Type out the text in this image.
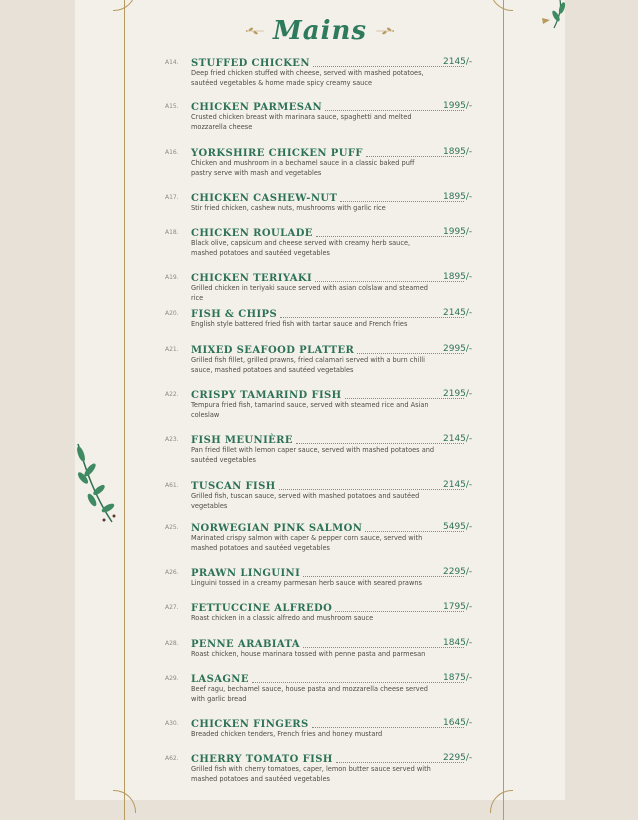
Mains
A14.	STUFFED CHICKEN	2145/-
Deep fried chicken stuffed with cheese, served with mashed potatoes, sautéed vegetables & home made spicy creamy sauce
A15.	CHICKEN PARMESAN	1995/-
Crusted chicken breast with marinara sauce, spaghetti and melted mozzarella cheese
A16.	YORKSHIRE CHICKEN PUFF	1895/-
Chicken and mushroom in a bechamel sauce in a classic baked puff pastry serve with mash and vegetables
A17.	CHICKEN CASHEW-NUT	1895/-
Stir fried chicken, cashew nuts, mushrooms with garlic rice
A18.	CHICKEN ROULADE	1995/-
Black olive, capsicum and cheese served with creamy herb sauce, mashed potatoes and sautéed vegetables
A19.	CHICKEN TERIYAKI	1895/-
Grilled chicken in teriyaki sauce served with asian colslaw and steamed rice
A20.	FISH & CHIPS	2145/-
English style battered fried fish with tartar sauce and French fries
A21.	MIXED SEAFOOD PLATTER	2995/-
Grilled fish fillet, grilled prawns, fried calamari served with a burn chilli sauce, mashed potatoes and sautéed vegetables
A22.	CRISPY TAMARIND FISH	2195/-
Tempura fried fish, tamarind sauce, served with steamed rice and Asian coleslaw
A23.	FISH MEUNIÈRE	2145/-
Pan fried fillet with lemon caper sauce, served with mashed potatoes and sautéed vegetables
A61.	TUSCAN FISH	2145/-
Grilled fish, tuscan sauce, served with mashed potatoes and sautéed vegetables
A25.	NORWEGIAN PINK SALMON	5495/-
Marinated crispy salmon with caper & pepper corn sauce, served with mashed potatoes and sautéed vegetables
A26.	PRAWN LINGUINI	2295/-
Linguini tossed in a creamy parmesan herb sauce with seared prawns
A27.	FETTUCCINE ALFREDO	1795/-
Roast chicken in a classic alfredo and mushroom sauce
A28.	PENNE ARABIATA	1845/-
Roast chicken, house marinara tossed with penne pasta and parmesan
A29.	LASAGNE	1875/-
Beef ragu, bechamel sauce, house pasta and mozzarella cheese served with garlic bread
A30.	CHICKEN FINGERS	1645/-
Breaded chicken tenders, French fries and honey mustard
A62.	CHERRY TOMATO FISH	2295/-
Grilled fish with cherry tomatoes, caper, lemon butter sauce served with mashed potatoes and sautéed vegetables
